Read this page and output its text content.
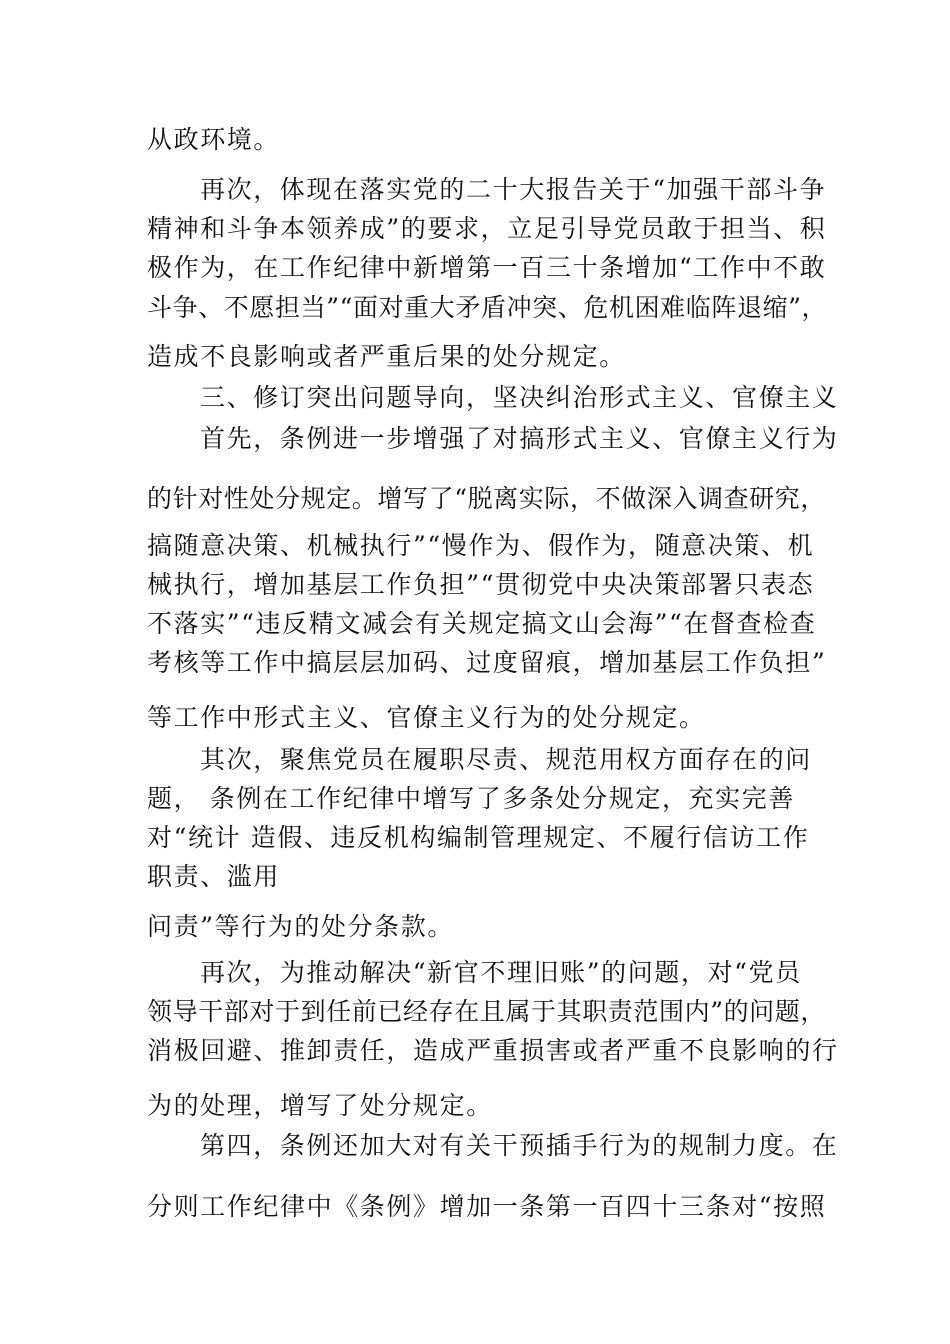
从政环境。
再次，体现在落实党的二十大报告关于“加强干部斗争
精神和斗争本领养成”的要求，立足引导党员敢于担当、积
极作为，在工作纪律中新增第一百三十条增加“工作中不敢
斗争、不愿担当”“面对重大矛盾冲突、危机困难临阵退缩”，
造成不良影响或者严重后果的处分规定。
三、修订突出问题导向，坚决纠治形式主义、官僚主义
首先，条例进一步增强了对搞形式主义、官僚主义行为
的针对性处分规定。增写了“脱离实际，不做深入调查研究，
搞随意决策、机械执行”“慢作为、假作为，随意决策、机
械执行，增加基层工作负担”“贯彻党中央决策部署只表态
不落实”“违反精文减会有关规定搞文山会海”“在督查检查
考核等工作中搞层层加码、过度留痕，增加基层工作负担”
等工作中形式主义、官僚主义行为的处分规定。
其次，聚焦党员在履职尽责、规范用权方面存在的问
题， 条例在工作纪律中增写了多条处分规定，充实完善
对“统计 造假、违反机构编制管理规定、不履行信访工作
职责、滥用
问责”等行为的处分条款。
再次，为推动解决“新官不理旧账”的问题，对“党员
领导干部对于到任前已经存在且属于其职责范围内”的问题，
消极回避、推卸责任，造成严重损害或者严重不良影响的行
为的处理，增写了处分规定。
第四，条例还加大对有关干预插手行为的规制力度。在
分则工作纪律中《条例》增加一条第一百四十三条对“按照
